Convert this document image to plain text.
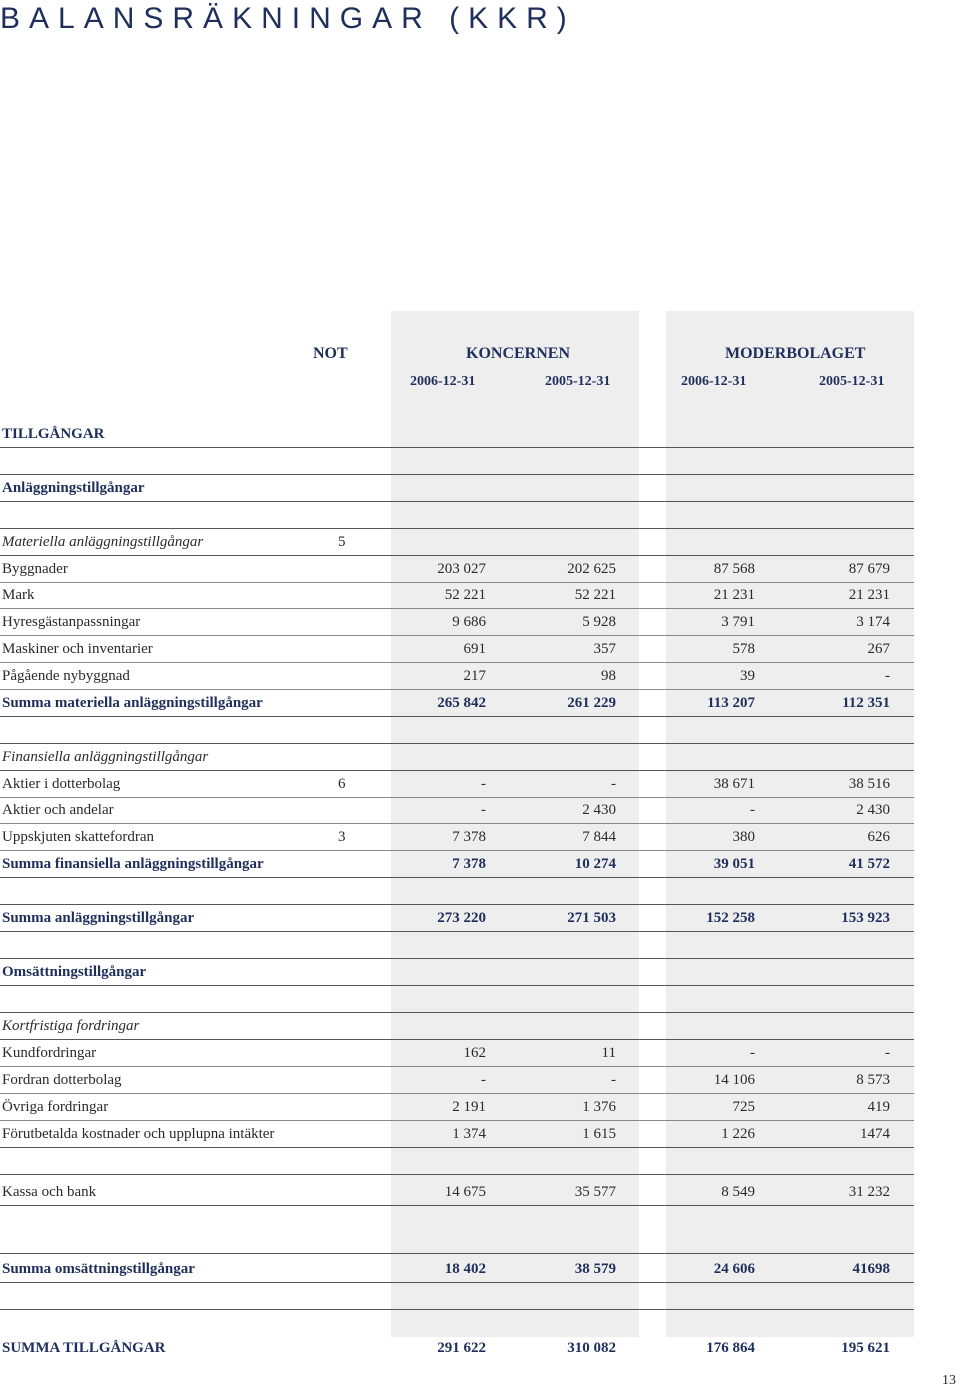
BALANSRÄKNINGAR (KKR)
NOT	KONCERNEN	MODERBOLAGET
2006-12-31	2005-12-31	2006-12-31	2005-12-31
TILLGÅNGAR
Anläggningstillgångar
Materiella anläggningstillgångar	5
Byggnader	203 027	202 625	87 568	87 679
Mark	52 221	52 221	21 231	21 231
Hyresgästanpassningar	9 686	5 928	3 791	3 174
Maskiner och inventarier	691	357	578	267
Pågående nybyggnad	217	98	39	-
Summa materiella anläggningstillgångar	265 842	261 229	113 207	112 351
Finansiella anläggningstillgångar
Aktier i dotterbolag	6	-	-	38 671	38 516
Aktier och andelar	-	2 430	-	2 430
Uppskjuten skattefordran	3	7 378	7 844	380	626
Summa finansiella anläggningstillgångar	7 378	10 274	39 051	41 572
Summa anläggningstillgångar	273 220	271 503	152 258	153 923
Omsättningstillgångar
Kortfristiga fordringar
Kundfordringar	162	11	-	-
Fordran dotterbolag	-	-	14 106	8 573
Övriga fordringar	2 191	1 376	725	419
Förutbetalda kostnader och upplupna intäkter	1 374	1 615	1 226	1474
Kassa och bank	14 675	35 577	8 549	31 232
Summa omsättningstillgångar	18 402	38 579	24 606	41698
SUMMA TILLGÅNGAR	291 622	310 082	176 864	195 621
13
